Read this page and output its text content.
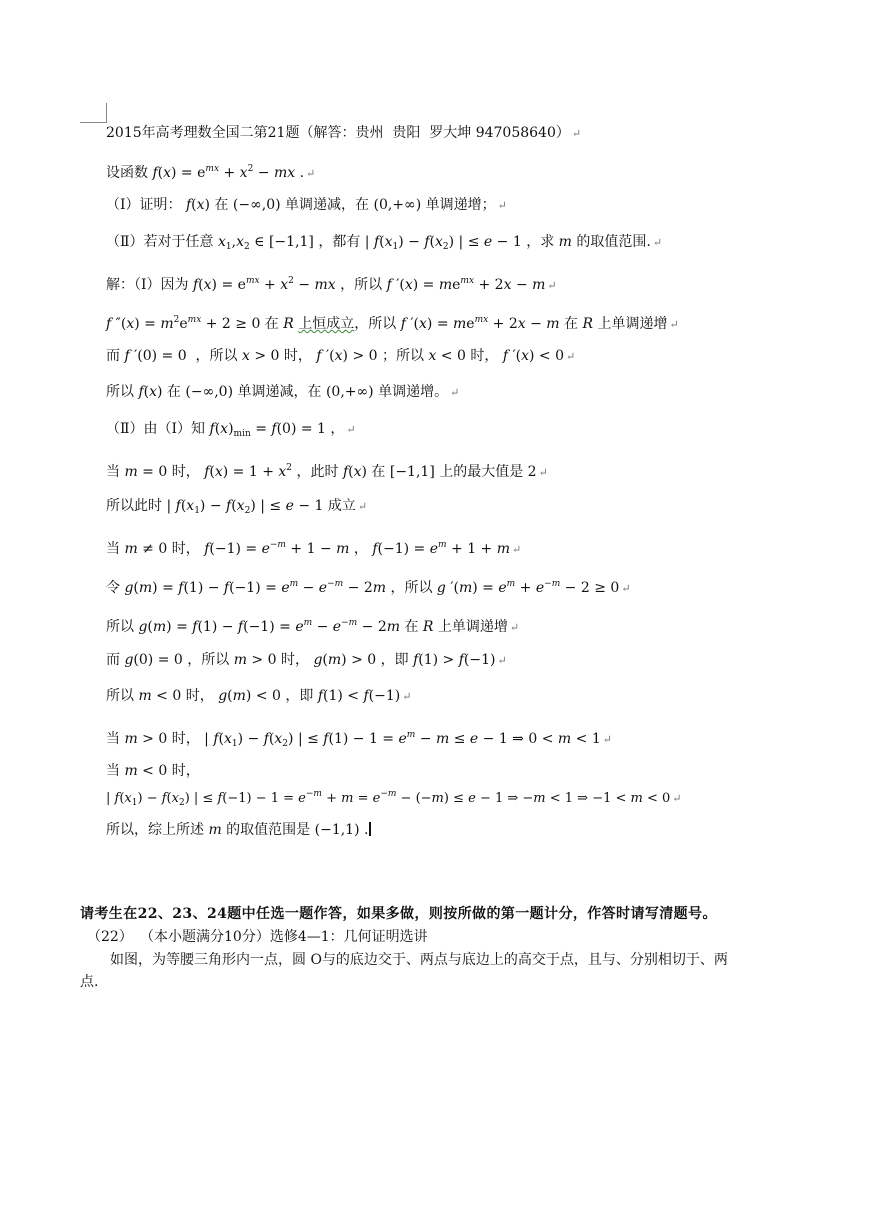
2015年高考理数全国二第21题（解答：贵州  贵阳  罗大坤 947058640） ↵
设函数 $f(x) = e^{mx} + x^2$ − mx . ↵
（Ⅰ）证明： f(x) 在 (−∞,0) 单调递减，在 (0,+∞) 单调递增； ↵
（Ⅱ）若对于任意 $x_1,x_2$ ∈ [−1,1] ，都有 | $f(x_1) - f(x_2)$ | ≤ e − 1 ，求 m 的取值范围. ↵
解：（Ⅰ）因为 $f(x) = e^{mx} + x^2$ − mx ，所以 f $'(x) = me^{mx} + 2x - m$ ↵
f $''(x) = m^2e^{mx} + 2 \ge 0$ 在 R 上恒成立，所以 f $'(x) = me^{mx} + 2x - m$ 在 R 上单调递增 ↵
而 f ′(0) = 0  ，所以 x > 0 时， f ′(x) > 0 ；所以 x < 0 时， f ′(x) < 0 ↵
所以 f(x) 在 (−∞,0) 单调递减，在 (0,+∞) 单调递增。 ↵
（Ⅱ）由（Ⅰ）知 $f(x)_{min} = f(0) = 1$ ， ↵
当 m = 0 时， $f(x) = 1 + x^2$ ，此时 f(x) 在 [−1,1] 上的最大值是 2 ↵
所以此时 | $f(x_1) - f(x_2)$ | ≤ e − 1 成立 ↵
当 m ≠ 0 时， $f(-1) = e^{-m} + 1 - m$ ， $f(-1) = e^m + 1 + m$ ↵
令 $g(m) = f(1) - f(-1) = e^m - e^{-m} - 2m$ ，所以 g $'(m) = e^m + e^{-m} - 2 \ge 0$ ↵
所以 $g(m) = f(1) - f(-1) = e^m - e^{-m} - 2m$ 在 R 上单调递增 ↵
而 g(0) = 0 ，所以 m > 0 时， g(m) > 0 ，即 f(1) > f(−1) ↵
所以 m < 0 时， g(m) < 0 ，即 f(1) < f(−1) ↵
当 m > 0 时， | $f(x_1) - f(x_2)$ | ≤ $f(1) - 1 = e^m - m \le e - 1$ ⇒ 0 < m < 1 ↵
当 m < 0 时，
| $f(x_1) - f(x_2)$ | ≤ $f(-1) - 1 = e^{-m} + m = e^{-m} - (-m) \le e - 1$ ⇒ −m < 1 ⇒ −1 < m < 0 ↵
所以，综上所述 m 的取值范围是 (−1,1) .
请考生在22、23、24题中任选一题作答，如果多做，则按所做的第一题计分，作答时请写清题号。
（22） （本小题满分10分）选修4—1：几何证明选讲
如图，为等腰三角形内一点，圆 O与的底边交于、两点与底边上的高交于点，且与、分别相切于、两
点.
